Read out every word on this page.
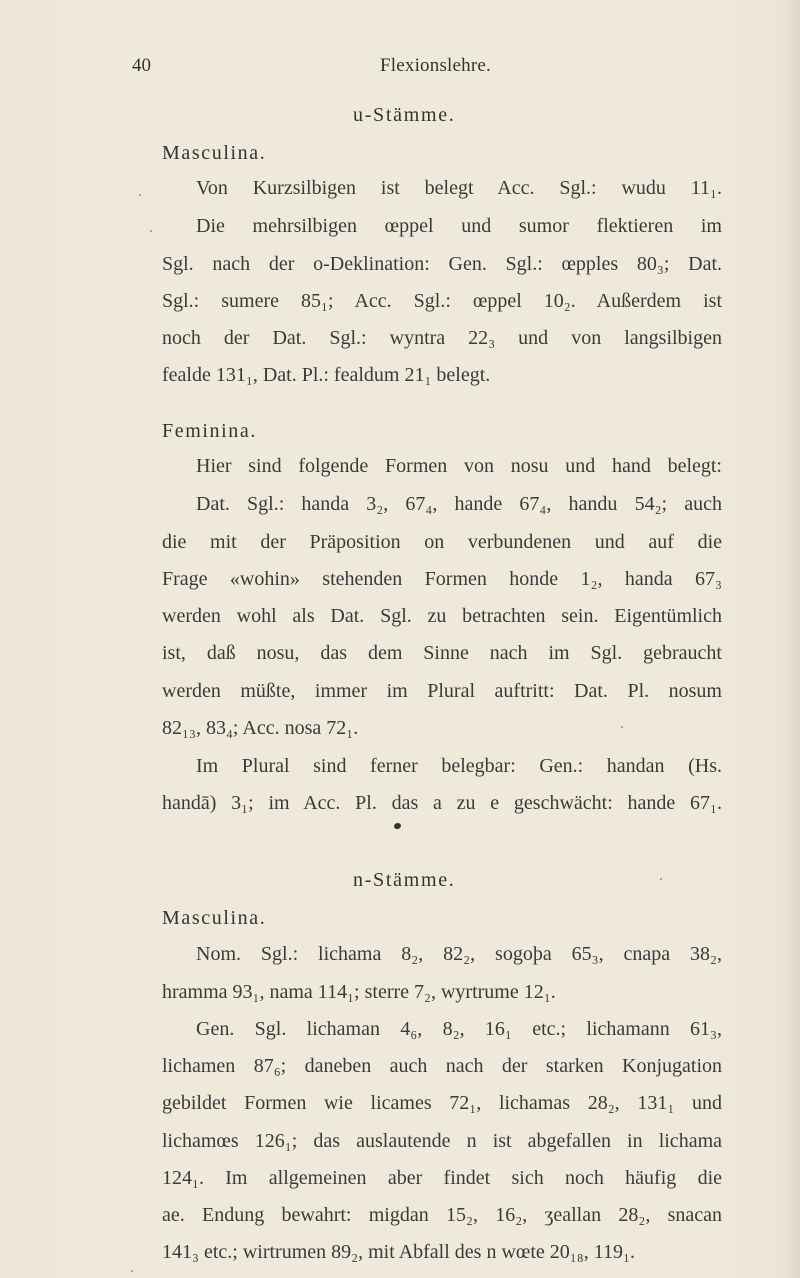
40	Flexionslehre.
u-Stämme.
Masculina.
Von Kurzsilbigen ist belegt Acc. Sgl.: wudu 11₁.
Die mehrsilbigen œppel und sumor flektieren im
Sgl. nach der o-Deklination: Gen. Sgl.: œpples 80₃; Dat.
Sgl.: sumere 85₁; Acc. Sgl.: œppel 10₂. Außerdem ist
noch der Dat. Sgl.: wyntra 22₃ und von langsilbigen
fealde 131₁, Dat. Pl.: fealdum 21₁ belegt.
Feminina.
Hier sind folgende Formen von nosu und hand belegt:
Dat. Sgl.: handa 3₂, 67₄, hande 67₄, handu 54₂; auch
die mit der Präposition on verbundenen und auf die
Frage «wohin» stehenden Formen honde 1₂, handa 67₃
werden wohl als Dat. Sgl. zu betrachten sein. Eigentümlich
ist, daß nosu, das dem Sinne nach im Sgl. gebraucht
werden müßte, immer im Plural auftritt: Dat. Pl. nosum
82₁₃, 83₄; Acc. nosa 72₁.
Im Plural sind ferner belegbar: Gen.: handan (Hs.
handā) 3₁; im Acc. Pl. das a zu e geschwächt: hande 67₁.
n-Stämme.
Masculina.
Nom. Sgl.: lichama 8₂, 82₂, sogoþa 65₃, cnapa 38₂,
hramma 93₁, nama 114₁; sterre 7₂, wyrtrume 12₁.
Gen. Sgl. lichaman 4₆, 8₂, 16₁ etc.; lichamann 61₃,
lichamen 87₆; daneben auch nach der starken Konjugation
gebildet Formen wie licames 72₁, lichamas 28₂, 131₁ und
lichamœs 126₁; das auslautende n ist abgefallen in lichama
124₁. Im allgemeinen aber findet sich noch häufig die
ae. Endung bewahrt: migdan 15₂, 16₂, ʒeallan 28₂, snacan
141₃ etc.; wirtrumen 89₂, mit Abfall des n wœte 20₁₈, 119₁.
